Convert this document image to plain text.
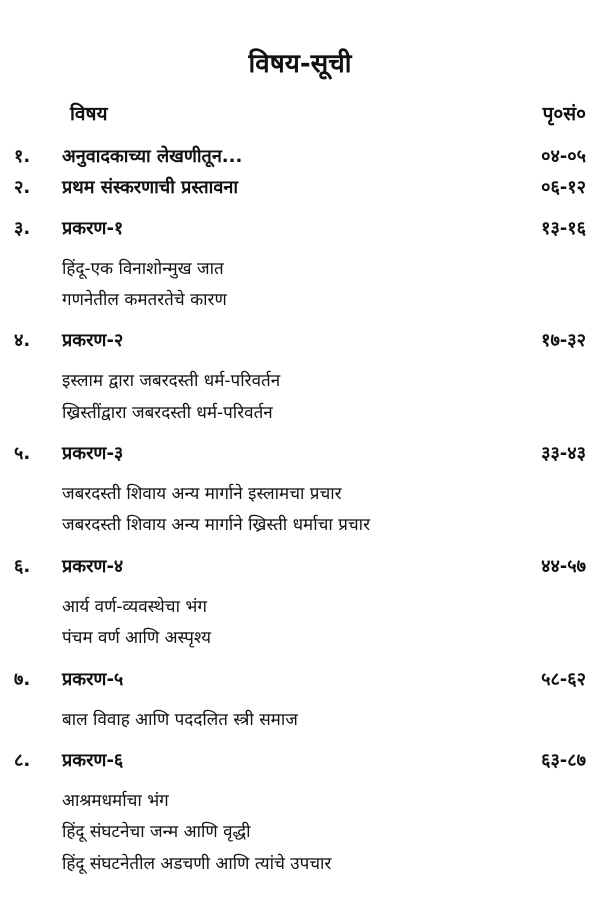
विषय-सूची
विषय	पृ०सं०
१. अनुवादकाच्या लेखणीतून...	०४-०५
२. प्रथम संस्करणाची प्रस्तावना	०६-१२
३. प्रकरण-१	१३-१६
हिंदू-एक विनाशोन्मुख जात
गणनेतील कमतरतेचे कारण
४. प्रकरण-२	१७-३२
इस्लाम द्वारा जबरदस्ती धर्म-परिवर्तन
ख्रिस्तींद्वारा जबरदस्ती धर्म-परिवर्तन
५. प्रकरण-३	३३-४३
जबरदस्ती शिवाय अन्य मार्गाने इस्लामचा प्रचार
जबरदस्ती शिवाय अन्य मार्गाने ख्रिस्ती धर्माचा प्रचार
६. प्रकरण-४	४४-५७
आर्य वर्ण-व्यवस्थेचा भंग
पंचम वर्ण आणि अस्पृश्य
७. प्रकरण-५	५८-६२
बाल विवाह आणि पददलित स्त्री समाज
८. प्रकरण-६	६३-८७
आश्रमधर्माचा भंग
हिंदू संघटनेचा जन्म आणि वृद्धी
हिंदू संघटनेतील अडचणी आणि त्यांचे उपचार
